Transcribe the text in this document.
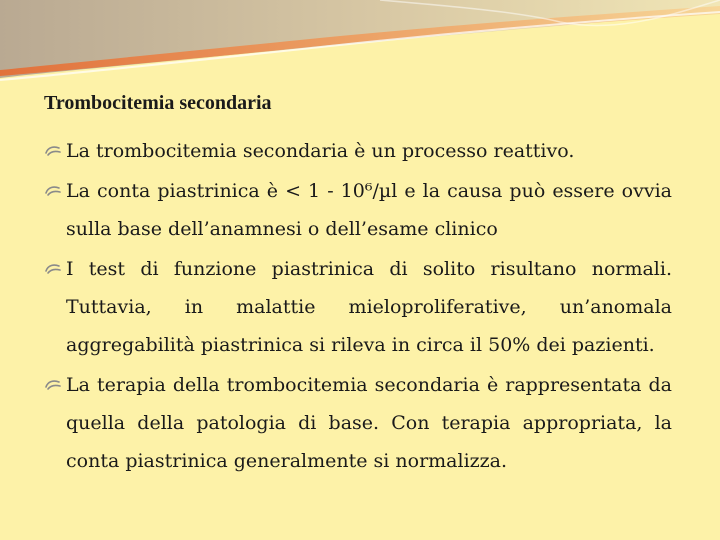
Trombocitemia secondaria
La trombocitemia secondaria è un processo reattivo.
La conta piastrinica è < 1 - 10⁶/µl e la causa può essere ovvia sulla base dell’anamnesi o dell’esame clinico
I test di funzione piastrinica di solito risultano normali. Tuttavia, in malattie mieloproliferative, un’anomala aggregabilità piastrinica si rileva in circa il 50% dei pazienti.
La terapia della trombocitemia secondaria è rappresentata da quella della patologia di base. Con terapia appropriata, la conta piastrinica generalmente si normalizza.
